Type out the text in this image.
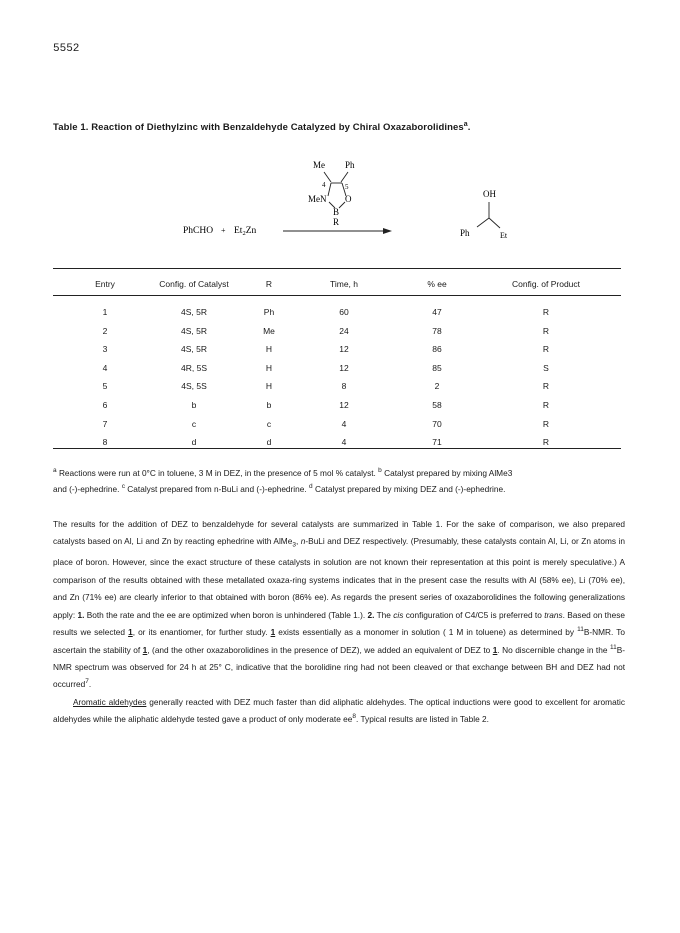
5552
Table 1. Reaction of Diethylzinc with Benzaldehyde Catalyzed by Chiral Oxazaborolidines$^a$.
Me Ph
4	5
MeN O
B
R
PhCHO + $Et_2Zn$
OH
Ph	Et
Entry	Config. of Catalyst	R	Time, h	% ee	Config. of Product
1	4S, 5R	Ph	60	47	R
2	4S, 5R	Me	24	78	R
3	4S, 5R	H	12	86	R
4	4R, 5S	H	12	85	S
5	4S, 5S	H	8	2	R
6	b	b	12	58	R
7	c	c	4	70	R
8	d	d	4	71	R
$^a$ Reactions were run at 0°C in toluene, 3 M in DEZ, in the presence of 5 mol % catalyst. $^b$ Catalyst prepared by mixing AlMe3
and (-)-ephedrine. $^c$ Catalyst prepared from n-BuLi and (-)-ephedrine. $^d$ Catalyst prepared by mixing DEZ and (-)-ephedrine.

The results for the addition of DEZ to benzaldehyde for several catalysts are summarized in Table 1. For the sake of comparison, we also prepared catalysts based on Al, Li and Zn by reacting ephedrine with AlMe$_3$, n-BuLi and DEZ respectively. (Presumably, these catalysts contain Al, Li, or Zn atoms in place of boron. However, since the exact structure of these catalysts in solution are not known their representation at this point is merely speculative.) A comparison of the results obtained with these metallated oxaza-ring systems indicates that in the present case the results with Al (58% ee), Li (70% ee), and Zn (71% ee) are clearly inferior to that obtained with boron (86% ee). As regards the present series of oxazaborolidines the following generalizations apply: 1. Both the rate and the ee are optimized when boron is unhindered (Table 1.). 2. The cis configuration of C4/C5 is preferred to trans. Based on these results we selected 1, or its enantiomer, for further study. 1 exists essentially as a monomer in solution ( 1 M in toluene) as determined by $^{11}$B-NMR. To ascertain the stability of 1, (and the other oxazaborolidines in the presence of DEZ), we added an equivalent of DEZ to 1. No discernible change in the $^{11}$B-NMR spectrum was observed for 24 h at 25° C, indicative that the borolidine ring had not been cleaved or that exchange between BH and DEZ had not occurred$^7$.

Aromatic aldehydes generally reacted with DEZ much faster than did aliphatic aldehydes. The optical inductions were good to excellent for aromatic aldehydes while the aliphatic aldehyde tested gave a product of only moderate $ee^8$. Typical results are listed in Table 2.
